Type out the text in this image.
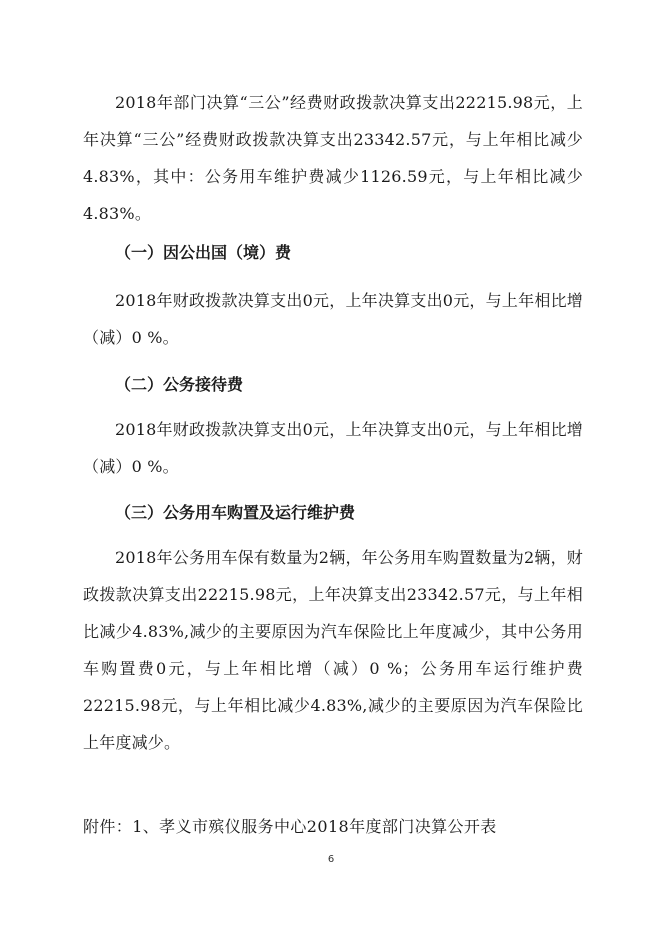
2018年部门决算“三公”经费财政拨款决算支出22215.98元，上年决算“三公”经费财政拨款决算支出23342.57元，与上年相比减少4.83%，其中：公务用车维护费减少1126.59元，与上年相比减少4.83%。

（一）因公出国（境）费

2018年财政拨款决算支出0元，上年决算支出0元，与上年相比增（减）0 %。

（二）公务接待费

2018年财政拨款决算支出0元，上年决算支出0元，与上年相比增（减）0 %。

（三）公务用车购置及运行维护费

2018年公务用车保有数量为2辆，年公务用车购置数量为2辆，财政拨款决算支出22215.98元，上年决算支出23342.57元，与上年相比减少4.83%,减少的主要原因为汽车保险比上年度减少，其中公务用车购置费0元，与上年相比增（减）0 %；公务用车运行维护费22215.98元，与上年相比减少4.83%,减少的主要原因为汽车保险比上年度减少。

附件：1、孝义市殡仪服务中心2018年度部门决算公开表

6
